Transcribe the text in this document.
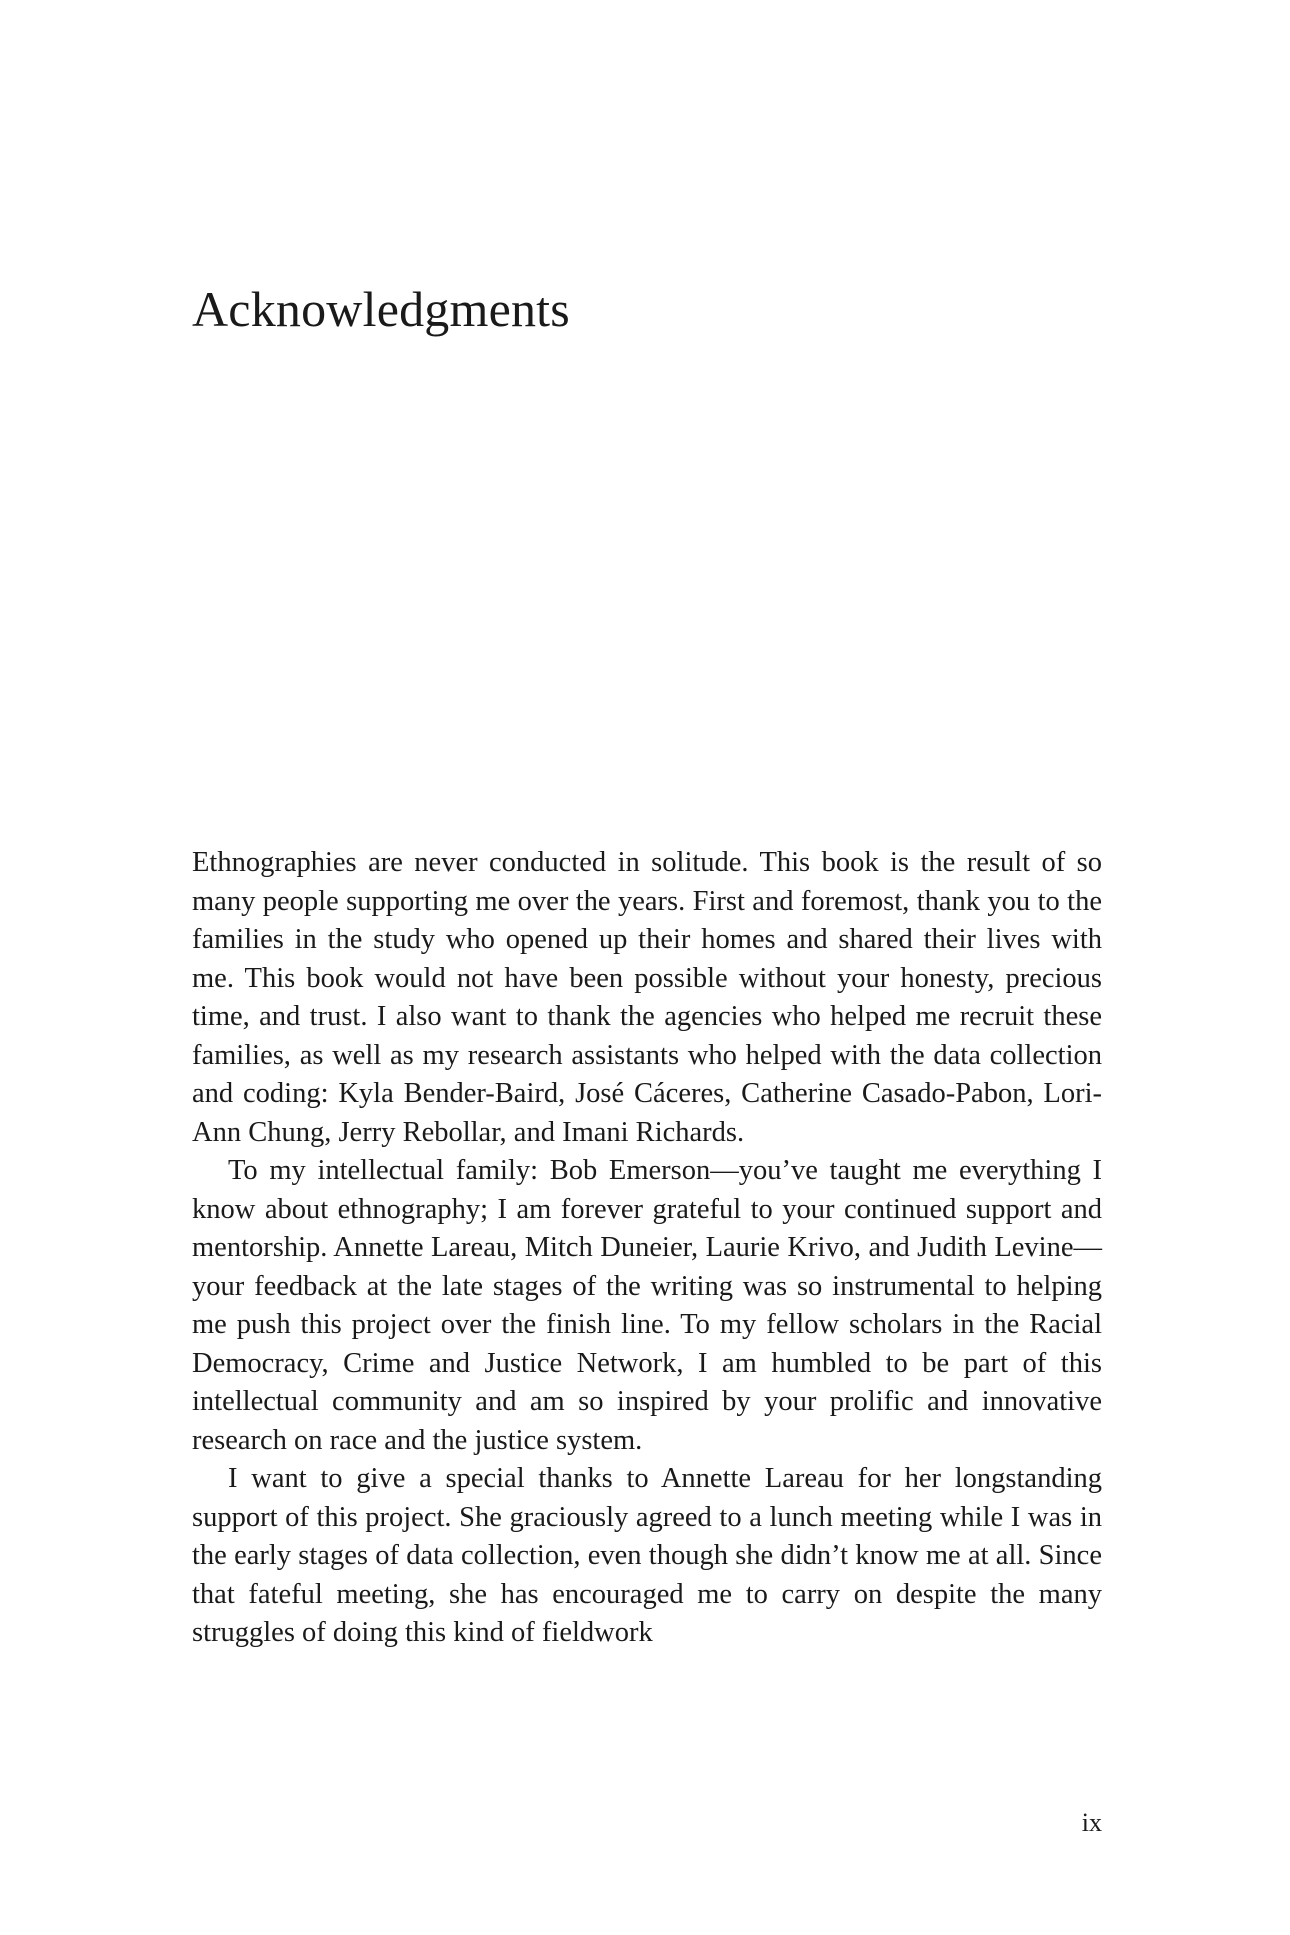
Acknowledgments

Ethnographies are never conducted in solitude. This book is the result of so many people supporting me over the years. First and foremost, thank you to the families in the study who opened up their homes and shared their lives with me. This book would not have been possible without your honesty, precious time, and trust. I also want to thank the agencies who helped me recruit these families, as well as my research assistants who helped with the data collection and coding: Kyla Bender-Baird, José Cáceres, Catherine Casado-Pabon, Lori-Ann Chung, Jerry Rebollar, and Imani Richards.

To my intellectual family: Bob Emerson—you’ve taught me everything I know about ethnography; I am forever grateful to your continued support and mentorship. Annette Lareau, Mitch Duneier, Laurie Krivo, and Judith Levine—your feedback at the late stages of the writing was so instrumental to helping me push this project over the finish line. To my fellow scholars in the Racial Democracy, Crime and Justice Network, I am humbled to be part of this intellectual community and am so inspired by your prolific and innovative research on race and the justice system.

I want to give a special thanks to Annette Lareau for her longstanding support of this project. She graciously agreed to a lunch meeting while I was in the early stages of data collection, even though she didn’t know me at all. Since that fateful meeting, she has encouraged me to carry on despite the many struggles of doing this kind of fieldwork

ix
